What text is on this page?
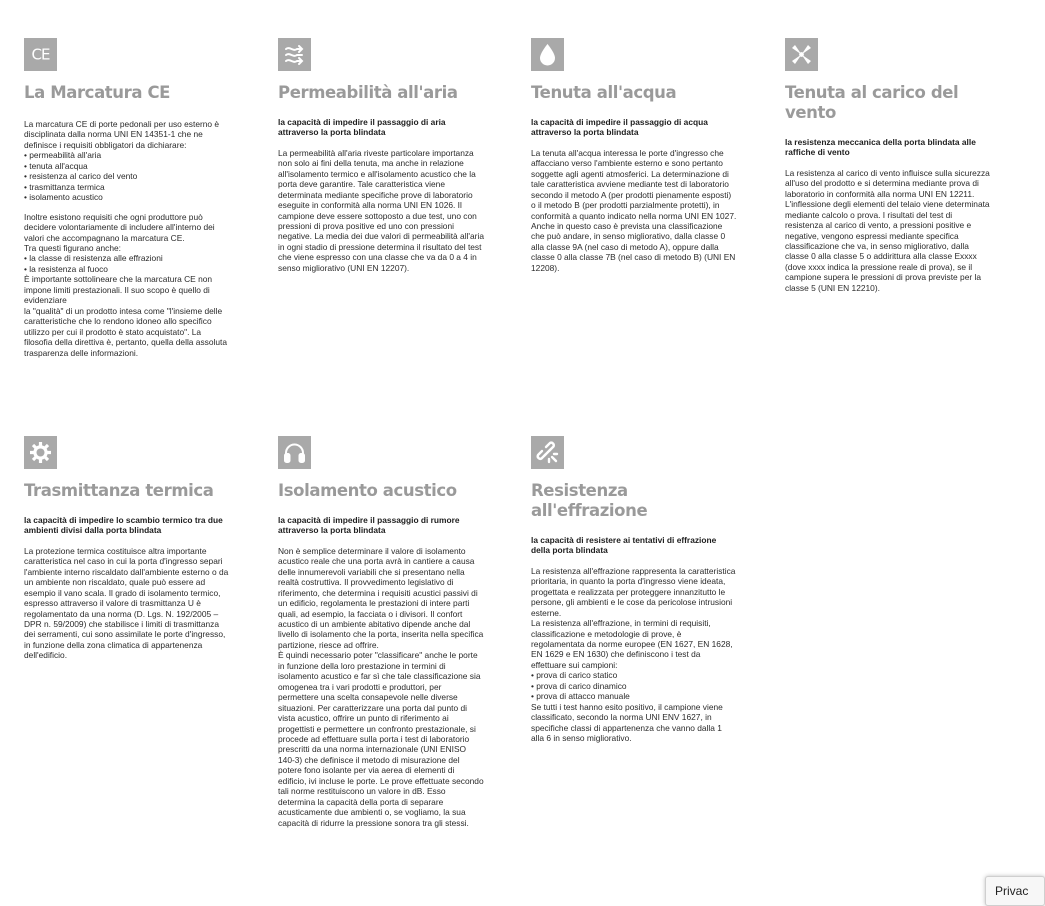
CE
La Marcatura CE

La marcatura CE di porte pedonali per uso esterno è disciplinata dalla norma UNI EN 14351-1 che ne definisce i requisiti obbligatori da dichiarare:

• permeabilità all'aria
• tenuta all'acqua
• resistenza al carico del vento
• trasmittanza termica
• isolamento acustico

Inoltre esistono requisiti che ogni produttore può decidere volontariamente di includere all'interno dei valori che accompagnano la marcatura CE.

Tra questi figurano anche:

• la classe di resistenza alle effrazioni
• la resistenza al fuoco

È importante sottolineare che la marcatura CE non impone limiti prestazionali. Il suo scopo è quello di evidenziare

la "qualità" di un prodotto intesa come "l'insieme delle caratteristiche che lo rendono idoneo allo specifico utilizzo per cui il prodotto è stato acquistato". La filosofia della direttiva è, pertanto, quella della assoluta trasparenza delle informazioni.

Permeabilità all'aria

la capacità di impedire il passaggio di aria attraverso la porta blindata

La permeabilità all'aria riveste particolare importanza non solo ai fini della tenuta, ma anche in relazione all'isolamento termico e all'isolamento acustico che la porta deve garantire. Tale caratteristica viene determinata mediante specifiche prove di laboratorio eseguite in conformità alla norma UNI EN 1026. Il campione deve essere sottoposto a due test, uno con pressioni di prova positive ed uno con pressioni negative. La media dei due valori di permeabilità all'aria in ogni stadio di pressione determina il risultato del test che viene espresso con una classe che va da 0 a 4 in senso migliorativo (UNI EN 12207).

Tenuta all'acqua

la capacità di impedire il passaggio di acqua attraverso la porta blindata

La tenuta all'acqua interessa le porte d'ingresso che affacciano verso l'ambiente esterno e sono pertanto soggette agli agenti atmosferici. La determinazione di tale caratteristica avviene mediante test di laboratorio secondo il metodo A (per prodotti pienamente esposti) o il metodo B (per prodotti parzialmente protetti), in conformità a quanto indicato nella norma UNI EN 1027. Anche in questo caso è prevista una classificazione che può andare, in senso migliorativo, dalla classe 0 alla classe 9A (nel caso di metodo A), oppure dalla classe 0 alla classe 7B (nel caso di metodo B) (UNI EN 12208).

Tenuta al carico del vento

la resistenza meccanica della porta blindata alle raffiche di vento

La resistenza al carico di vento influisce sulla sicurezza all'uso del prodotto e si determina mediante prova di laboratorio in conformità alla norma UNI EN 12211. L'inflessione degli elementi del telaio viene determinata mediante calcolo o prova. I risultati del test di resistenza al carico di vento, a pressioni positive e negative, vengono espressi mediante specifica classificazione che va, in senso migliorativo, dalla classe 0 alla classe 5 o addirittura alla classe Exxxx (dove xxxx indica la pressione reale di prova), se il campione supera le pressioni di prova previste per la classe 5 (UNI EN 12210).

Trasmittanza termica

la capacità di impedire lo scambio termico tra due ambienti divisi dalla porta blindata

La protezione termica costituisce altra importante caratteristica nel caso in cui la porta d'ingresso separi l'ambiente interno riscaldato dall'ambiente esterno o da un ambiente non riscaldato, quale può essere ad esempio il vano scala. Il grado di isolamento termico, espresso attraverso il valore di trasmittanza U è regolamentato da una norma (D. Lgs. N. 192/2005 – DPR n. 59/2009) che stabilisce i limiti di trasmittanza dei serramenti, cui sono assimilate le porte d'ingresso, in funzione della zona climatica di appartenenza dell'edificio.

Isolamento acustico

la capacità di impedire il passaggio di rumore attraverso la porta blindata

Non è semplice determinare il valore di isolamento acustico reale che una porta avrà in cantiere a causa delle innumerevoli variabili che si presentano nella realtà costruttiva. Il provvedimento legislativo di riferimento, che determina i requisiti acustici passivi di un edificio, regolamenta le prestazioni di intere parti quali, ad esempio, la facciata o i divisori. Il confort acustico di un ambiente abitativo dipende anche dal livello di isolamento che la porta, inserita nella specifica partizione, riesce ad offrire.

È quindi necessario poter "classificare" anche le porte in funzione della loro prestazione in termini di isolamento acustico e far sì che tale classificazione sia omogenea tra i vari prodotti e produttori, per permettere una scelta consapevole nelle diverse situazioni. Per caratterizzare una porta dal punto di vista acustico, offrire un punto di riferimento ai progettisti e permettere un confronto prestazionale, si procede ad effettuare sulla porta i test di laboratorio prescritti da una norma internazionale (UNI ENISO 140-3) che definisce il metodo di misurazione del potere fono isolante per via aerea di elementi di edificio, ivi incluse le porte. Le prove effettuate secondo tali norme restituiscono un valore in dB. Esso determina la capacità della porta di separare acusticamente due ambienti o, se vogliamo, la sua capacità di ridurre la pressione sonora tra gli stessi.

Resistenza all'effrazione

la capacità di resistere ai tentativi di effrazione della porta blindata

La resistenza all'effrazione rappresenta la caratteristica prioritaria, in quanto la porta d'ingresso viene ideata, progettata e realizzata per proteggere innanzitutto le persone, gli ambienti e le cose da pericolose intrusioni esterne.

La resistenza all'effrazione, in termini di requisiti, classificazione e metodologie di prove, è regolamentata da norme europee (EN 1627, EN 1628, EN 1629 e EN 1630) che definiscono i test da effettuare sui campioni:

• prova di carico statico
• prova di carico dinamico
• prova di attacco manuale

Se tutti i test hanno esito positivo, il campione viene classificato, secondo la norma UNI ENV 1627, in specifiche classi di appartenenza che vanno dalla 1 alla 6 in senso migliorativo.

Privac
